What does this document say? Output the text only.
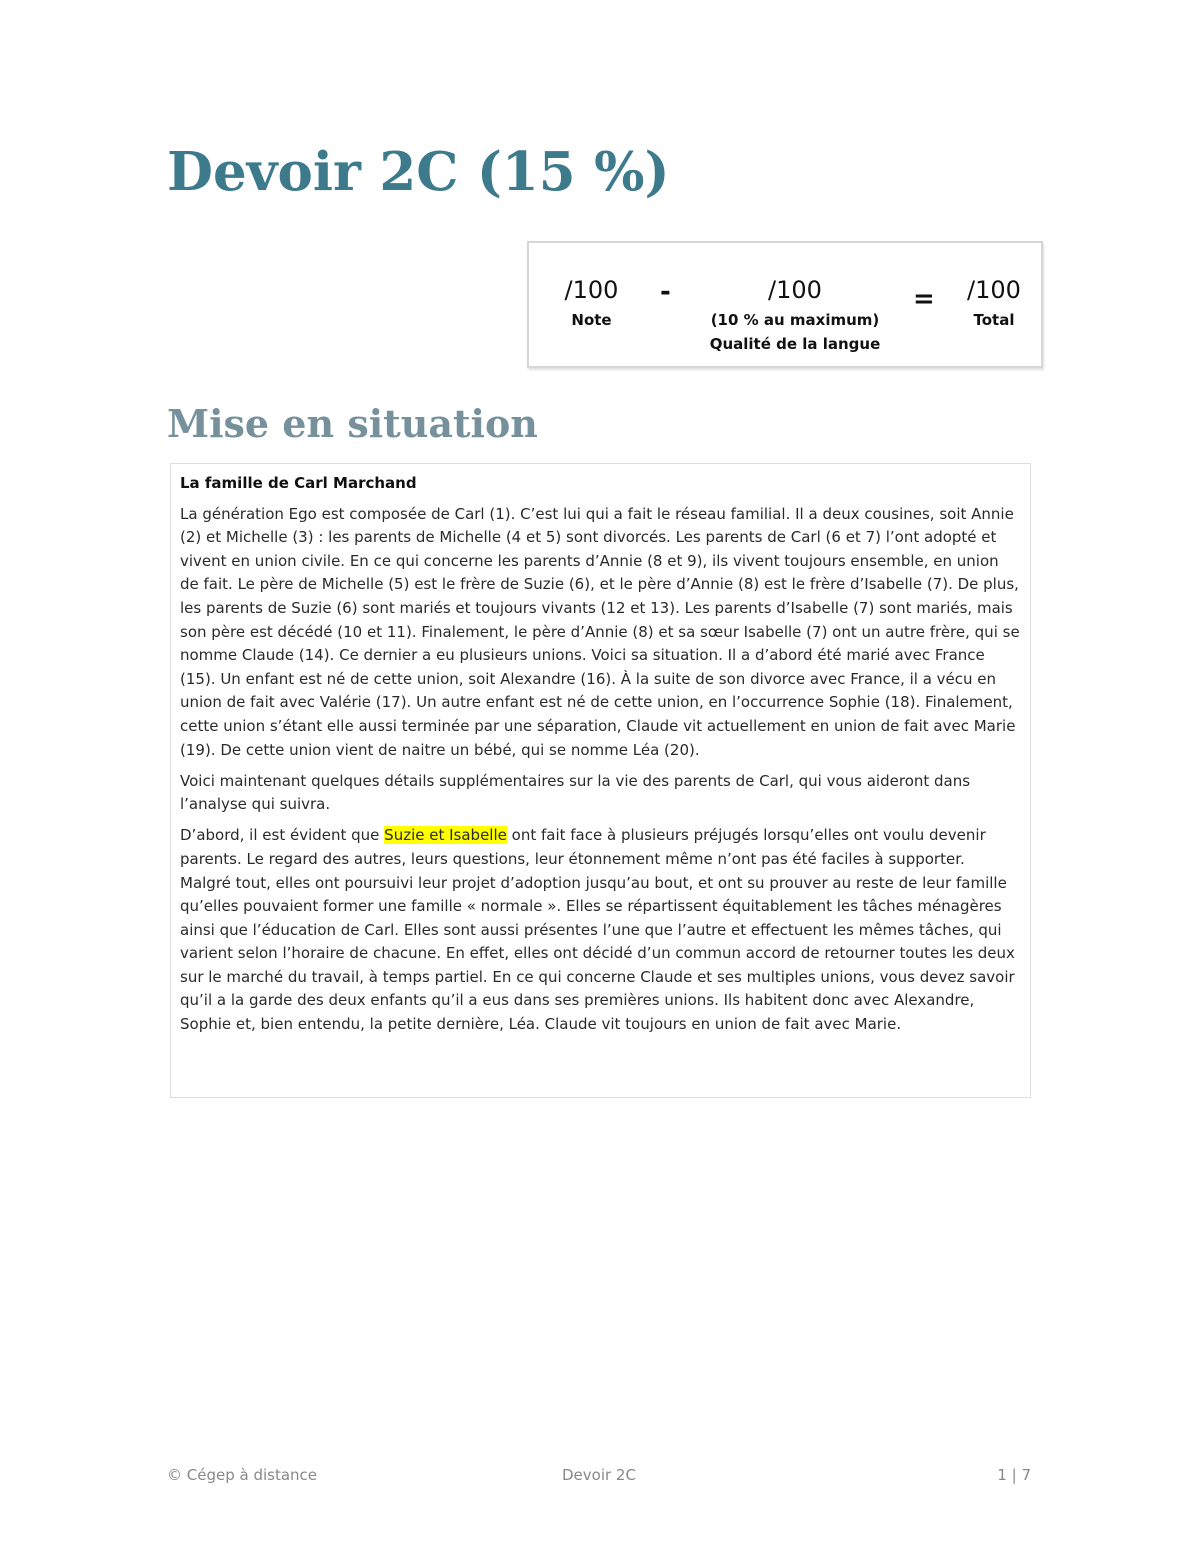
Devoir 2C (15 %)
/100
Note
-	/100
(10 % au maximum)
Qualité de la langue
=	/100
Total
Mise en situation

La famille de Carl Marchand

La génération Ego est composée de Carl (1). C’est lui qui a fait le réseau familial. Il a deux cousines, soit Annie (2) et Michelle (3) : les parents de Michelle (4 et 5) sont divorcés. Les parents de Carl (6 et 7) l’ont adopté et vivent en union civile. En ce qui concerne les parents d’Annie (8 et 9), ils vivent toujours ensemble, en union de fait. Le père de Michelle (5) est le frère de Suzie (6), et le père d’Annie (8) est le frère d’Isabelle (7). De plus, les parents de Suzie (6) sont mariés et toujours vivants (12 et 13). Les parents d’Isabelle (7) sont mariés, mais son père est décédé (10 et 11). Finalement, le père d’Annie (8) et sa sœur Isabelle (7) ont un autre frère, qui se nomme Claude (14). Ce dernier a eu plusieurs unions. Voici sa situation. Il a d’abord été marié avec France (15). Un enfant est né de cette union, soit Alexandre (16). À la suite de son divorce avec France, il a vécu en union de fait avec Valérie (17). Un autre enfant est né de cette union, en l’occurrence Sophie (18). Finalement, cette union s’étant elle aussi terminée par une séparation, Claude vit actuellement en union de fait avec Marie (19). De cette union vient de naitre un bébé, qui se nomme Léa (20).

Voici maintenant quelques détails supplémentaires sur la vie des parents de Carl, qui vous aideront dans l’analyse qui suivra.

D’abord, il est évident que Suzie et Isabelle ont fait face à plusieurs préjugés lorsqu’elles ont voulu devenir parents. Le regard des autres, leurs questions, leur étonnement même n’ont pas été faciles à supporter. Malgré tout, elles ont poursuivi leur projet d’adoption jusqu’au bout, et ont su prouver au reste de leur famille qu’elles pouvaient former une famille « normale ». Elles se répartissent équitablement les tâches ménagères ainsi que l’éducation de Carl. Elles sont aussi présentes l’une que l’autre et effectuent les mêmes tâches, qui varient selon l’horaire de chacune. En effet, elles ont décidé d’un commun accord de retourner toutes les deux sur le marché du travail, à temps partiel. En ce qui concerne Claude et ses multiples unions, vous devez savoir qu’il a la garde des deux enfants qu’il a eus dans ses premières unions. Ils habitent donc avec Alexandre, Sophie et, bien entendu, la petite dernière, Léa. Claude vit toujours en union de fait avec Marie.

© Cégep à distance	Devoir 2C	1 | 7
